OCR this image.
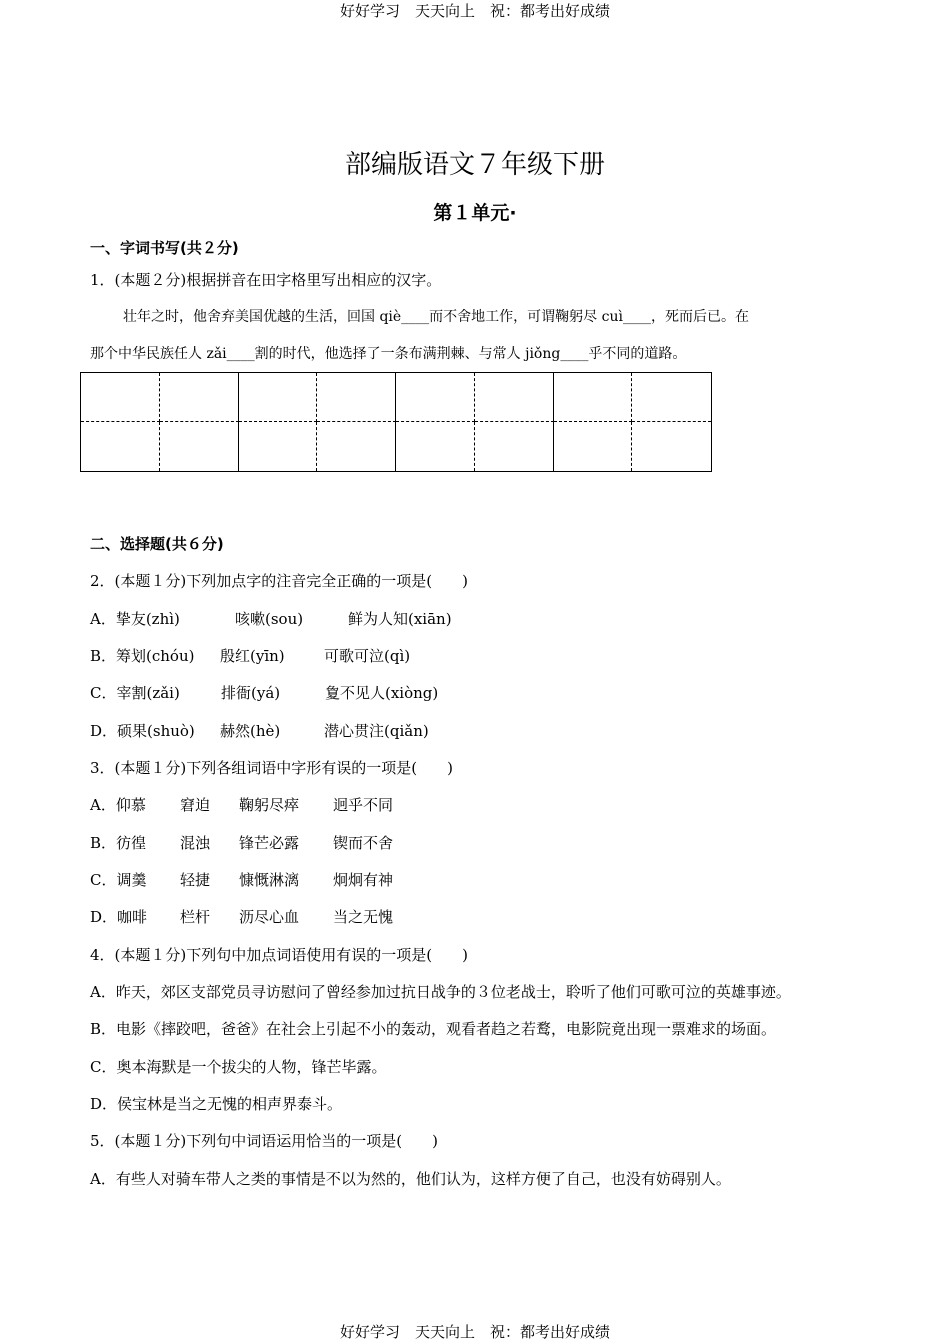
好好学习　天天向上　祝：都考出好成绩
部编版语文７年级下册
第１单元·
一、字词书写(共２分)
1．(本题２分)根据拼音在田字格里写出相应的汉字。
壮年之时，他舍弃美国优越的生活，回国 qiè____而不舍地工作，可谓鞠躬尽 cuì____，死而后已。在
那个中华民族任人 zǎi____割的时代，他选择了一条布满荆棘、与常人 jiǒng____乎不同的道路。
二、选择题(共６分)
2．(本题１分)下列加点字的注音完全正确的一项是(　　)
A．挚友(zhì)	咳嗽(sou)	鲜为人知(xiān)
B．筹划(chóu) 殷红(yīn)	可歌可泣(qì)
C．宰割(zǎi)	排衙(yá)	夐不见人(xiòng)
D．硕果(shuò) 赫然(hè)	潜心贯注(qiǎn)
3．(本题１分)下列各组词语中字形有误的一项是(　　)
A．仰慕 窘迫 鞠躬尽瘁 迥乎不同
B．彷徨 混浊 锋芒必露 锲而不舍
C．调羹 轻捷 慷慨淋漓 炯炯有神
D．咖啡 栏杆 沥尽心血 当之无愧
4．(本题１分)下列句中加点词语使用有误的一项是(　　)
A．昨天，郊区支部党员寻访慰问了曾经参加过抗日战争的３位老战士，聆听了他们可歌可泣的英雄事迹。
B．电影《摔跤吧，爸爸》在社会上引起不小的轰动，观看者趋之若鹜，电影院竟出现一票难求的场面。
C．奥本海默是一个拔尖的人物，锋芒毕露。
D．侯宝林是当之无愧的相声界泰斗。
5．(本题１分)下列句中词语运用恰当的一项是(　　)
A．有些人对骑车带人之类的事情是不以为然的，他们认为，这样方便了自己，也没有妨碍别人。
好好学习　天天向上　祝：都考出好成绩
